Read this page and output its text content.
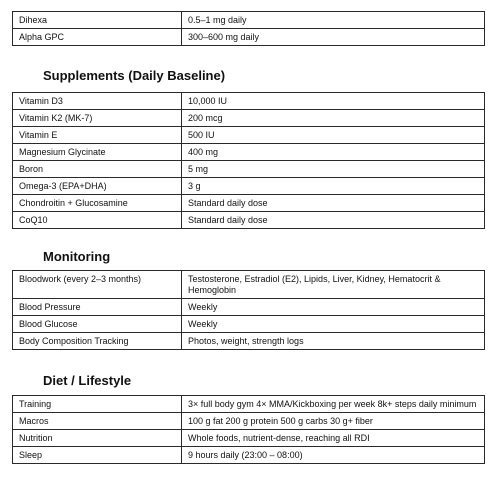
Dihexa	0.5–1 mg daily
Alpha GPC	300–600 mg daily
Supplements (Daily Baseline)
Vitamin D3	10,000 IU
Vitamin K2 (MK-7)	200 mcg
Vitamin E	500 IU
Magnesium Glycinate	400 mg
Boron	5 mg
Omega-3 (EPA+DHA)	3 g
Chondroitin + Glucosamine	Standard daily dose
CoQ10	Standard daily dose
Monitoring
Bloodwork (every 2–3 months)	Testosterone, Estradiol (E2), Lipids, Liver, Kidney, Hematocrit & Hemoglobin
Blood Pressure	Weekly
Blood Glucose	Weekly
Body Composition Tracking	Photos, weight, strength logs
Diet / Lifestyle
Training	3× full body gym 4× MMA/Kickboxing per week 8k+ steps daily minimum
Macros	100 g fat 200 g protein 500 g carbs 30 g+ fiber
Nutrition	Whole foods, nutrient-dense, reaching all RDI
Sleep	9 hours daily (23:00 – 08:00)
